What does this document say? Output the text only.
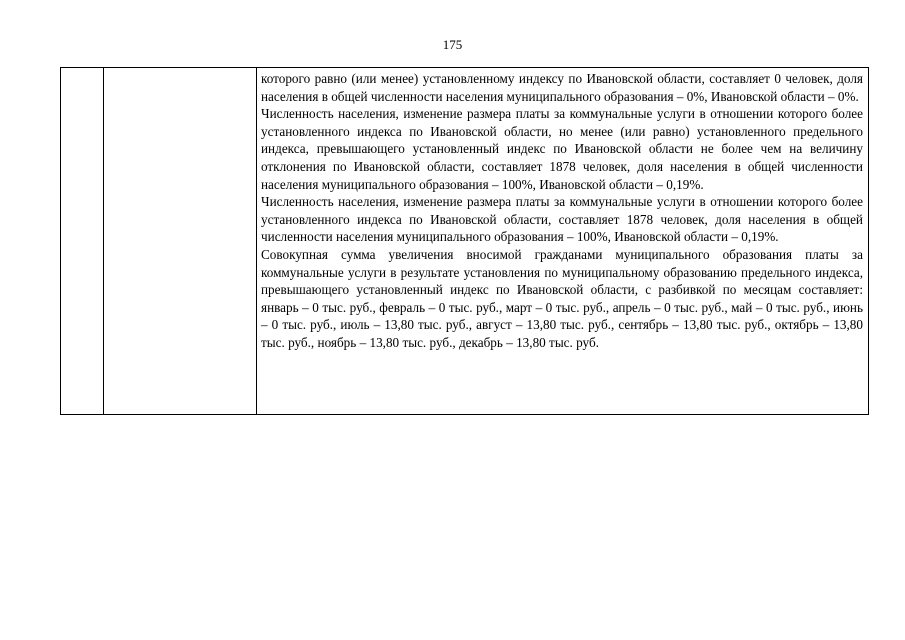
175

которого равно (или менее) установленному индексу по Ивановской области, составляет 0 человек, доля населения в общей численности населения муниципального образования – 0%, Ивановской области – 0%.

Численность населения, изменение размера платы за коммунальные услуги в отношении которого более установленного индекса по Ивановской области, но менее (или равно) установленного предельного индекса, превышающего установленный индекс по Ивановской области не более чем на величину отклонения по Ивановской области, составляет 1878 человек, доля населения в общей численности населения муниципального образования – 100%, Ивановской области – 0,19%.

Численность населения, изменение размера платы за коммунальные услуги в отношении которого более установленного индекса по Ивановской области, составляет 1878 человек, доля населения в общей численности населения муниципального образования – 100%, Ивановской области – 0,19%.

Совокупная сумма увеличения вносимой гражданами муниципального образования платы за коммунальные услуги в результате установления по муниципальному образованию предельного индекса, превышающего установленный индекс по Ивановской области, с разбивкой по месяцам составляет: январь – 0 тыс. руб., февраль – 0 тыс. руб., март – 0 тыс. руб., апрель – 0 тыс. руб., май – 0 тыс. руб., июнь – 0 тыс. руб., июль – 13,80 тыс. руб., август – 13,80 тыс. руб., сентябрь – 13,80 тыс. руб., октябрь – 13,80 тыс. руб., ноябрь – 13,80 тыс. руб., декабрь – 13,80 тыс. руб.
